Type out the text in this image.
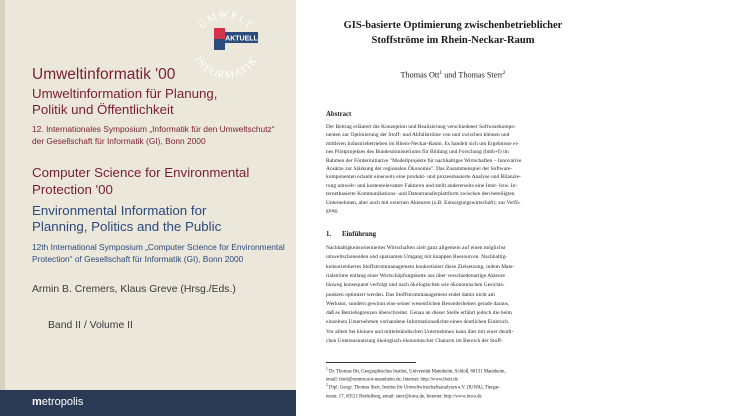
UMWELT
INFORMATIK
AKTUELL
Umweltinformatik '00
Umweltinformation für Planung,
Politik und Öffentlichkeit
12. Internationales Symposium „Informatik für den Umweltschutz“
der Gesellschaft für Informatik (GI), Bonn 2000
Computer Science for Environmental
Protection '00
Environmental Information for
Planning, Politics and the Public
12th International Symposium „Computer Science for Environmental
Protection“ of Gesellschaft für Informatik (GI), Bonn 2000
Armin B. Cremers, Klaus Greve (Hrsg./Eds.)
Band II / Volume II
metropolis
GIS-basierte Optimierung zwischenbetrieblicher
Stoffströme im Rhein-Neckar-Raum
Thomas Ott$^1$ und Thomas Sterr$^2$
Abstract
Der Beitrag erläutert die Konzeption und Realisierung verschiedener Softwarekompo-
nenten zur Optimierung der Stoff- und Abfallströme von und zwischen kleinen und
mittleren Industriebetrieben im Rhein-Neckar-Raum. Es handelt sich um Ergebnisse ei-
nes Pilotprojektes des Bundesministeriums für Bildung und Forschung (bmb+f) im
Rahmen der Förderinitiative "Modellprojekte für nachhaltiges Wirtschaften – Innovative
Ansätze zur Stärkung der regionalen Ökonomie". Das Zusammenspiel der Software-
komponenten erlaubt einerseits eine produkt- und prozessbasierte Analyse und Bilanzie-
rung umwelt- und kostenrelevanter Faktoren und stellt andererseits eine Inter- bzw. In-
ternetbasierte Kommunikations- und Datentransferplattform zwischen den beteiligten
Unternehmen, aber auch mit externen Akteuren (z.B. Entsorgungswirtschaft), zur Verfü-
gung.
1. Einführung
Nachhaltigkeitsorientiertes Wirtschaften zielt ganz allgemein auf einen möglichst
umweltschonenden und sparsamen Umgang mit knappen Ressourcen. Nachhaltig-
keitsorientiertes Stoffstrommanagement konkretisiert diese Zielsetzung, indem Mate-
rialströme entlang einer Wertschöpfungskette aus über verschiedenartige Akteure
hinweg konsequent verfolgt und nach ökologischen wie ökonomischen Gesichts-
punkten optimiert werden. Das Stoffstrommanagement endet damit nicht am
Werkstor, sondern gewinnt eine seiner wesentlichen Besonderheiten gerade daraus,
daß es Betriebsgrenzen überschreitet. Genau an dieser Stelle erfährt jedoch die beim
einzelnen Unternehmen vorhandene Informationsdichte einen deutlichen Einbruch.
Vor allem bei kleinen und mittelständischen Unternehmen kann dies mit einer deutli-
chen Unterausnutzung ökologisch-ökonomischer Chancen im Bereich der Stoff-
$^1$ Dr. Thomas Ott, Geographisches Institut, Universität Mannheim, Schloß, 68131 Mannheim,
email: thott@rumms.uni-mannheim.de, Internet: http://www.thott.de
$^2$ Dipl. Geogr. Thomas Sterr, Institut für Umweltwirtschaftsanalysen e.V. (IUWA), Tiergar-
tenstr. 17, 69121 Heidelberg, email: sterr@iuwa.de, Internet: http://www.iuwa.de
